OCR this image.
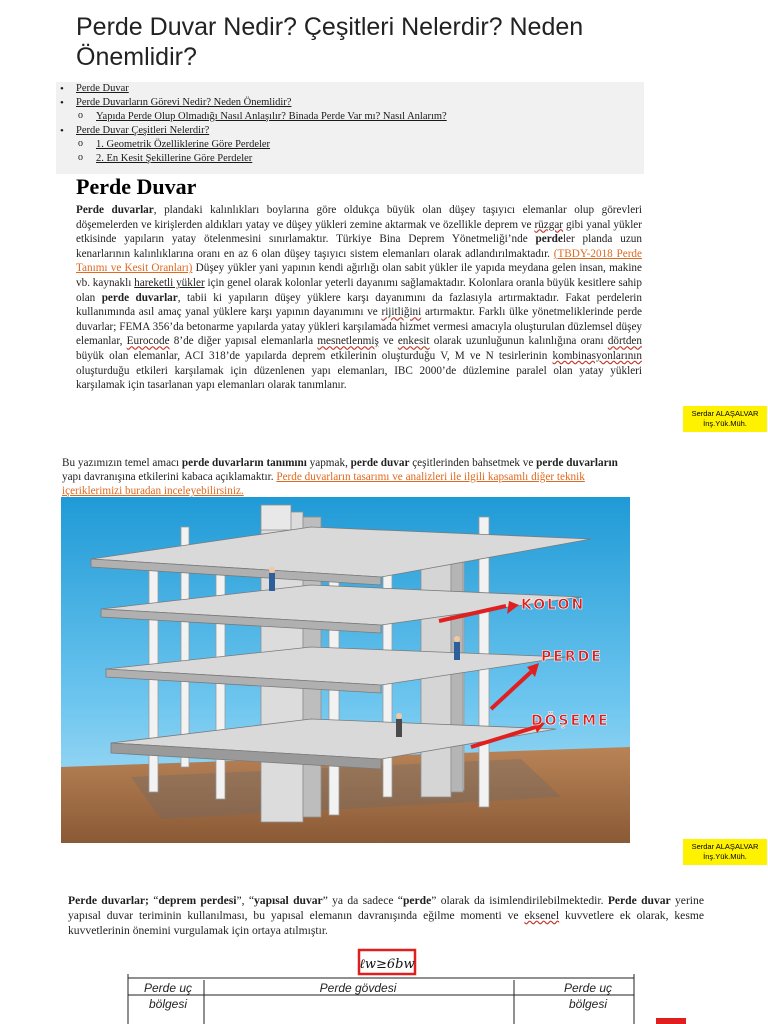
Perde Duvar Nedir? Çeşitleri Nelerdir? Neden Önemlidir?
• Perde Duvar
• Perde Duvarların Görevi Nedir? Neden Önemlidir?
o Yapıda Perde Olup Olmadığı Nasıl Anlaşılır? Binada Perde Var mı? Nasıl Anlarım?
• Perde Duvar Çeşitleri Nelerdir?
o 1. Geometrik Özelliklerine Göre Perdeler
o 2. En Kesit Şekillerine Göre Perdeler
Perde Duvar

Perde duvarlar, plandaki kalınlıkları boylarına göre oldukça büyük olan düşey taşıyıcı elemanlar olup görevleri döşemelerden ve kirişlerden aldıkları yatay ve düşey yükleri zemine aktarmak ve özellikle deprem ve rüzgar gibi yanal yükler etkisinde yapıların yatay ötelenmesini sınırlamaktır. Türkiye Bina Deprem Yönetmeliği’nde perdeler planda uzun kenarlarının kalınlıklarına oranı en az 6 olan düşey taşıyıcı sistem elemanları olarak adlandırılmaktadır. (TBDY-2018 Perde Tanımı ve Kesit Oranları) Düşey yükler yani yapının kendi ağırlığı olan sabit yükler ile yapıda meydana gelen insan, makine vb. kaynaklı hareketli yükler için genel olarak kolonlar yeterli dayanımı sağlamaktadır. Kolonlara oranla büyük kesitlere sahip olan perde duvarlar, tabii ki yapıların düşey yüklere karşı dayanımını da fazlasıyla artırmaktadır. Fakat perdelerin kullanımında asıl amaç yanal yüklere karşı yapının dayanımını ve rijitliğini artırmaktır. Farklı ülke yönetmeliklerinde perde duvarlar; FEMA 356’da betonarme yapılarda yatay yükleri karşılamada hizmet vermesi amacıyla oluşturulan düzlemsel düşey elemanlar, Eurocode 8’de diğer yapısal elemanlarla mesnetlenmiş ve enkesit olarak uzunluğunun kalınlığına oranı dörtden büyük olan elemanlar, ACI 318’de yapılarda deprem etkilerinin oluşturduğu V, M ve N tesirlerinin kombinasyonlarının oluşturduğu etkileri karşılamak için düzenlenen yapı elemanları, IBC 2000’de düzlemine paralel olan yatay yükleri karşılamak için tasarlanan yapı elemanları olarak tanımlanır.

Serdar ALAŞALVAR
İnş.Yük.Müh.

Bu yazımızın temel amacı perde duvarların tanımını yapmak, perde duvar çeşitlerinden bahsetmek ve perde duvarların yapı davranışına etkilerini kabaca açıklamaktır. Perde duvarların tasarımı ve analizleri ile ilgili kapsamlı diğer teknik içeriklerimizi buradan inceleyebilirsiniz.

KOLON
PERDE
DÖŞEME
Serdar ALAŞALVAR
İnş.Yük.Müh.

Perde duvarlar; “deprem perdesi”, “yapısal duvar” ya da sadece “perde” olarak da isimlendirilebilmektedir. Perde duvar yerine yapısal duvar teriminin kullanılması, bu yapısal elemanın davranışında eğilme momenti ve eksenel kuvvetlere ek olarak, kesme kuvvetlerinin önemini vurgulamak için ortaya atılmıştır.

ℓw≥6bw
Perde uç
bölgesi
Perde gövdesi	Perde uç
bölgesi
